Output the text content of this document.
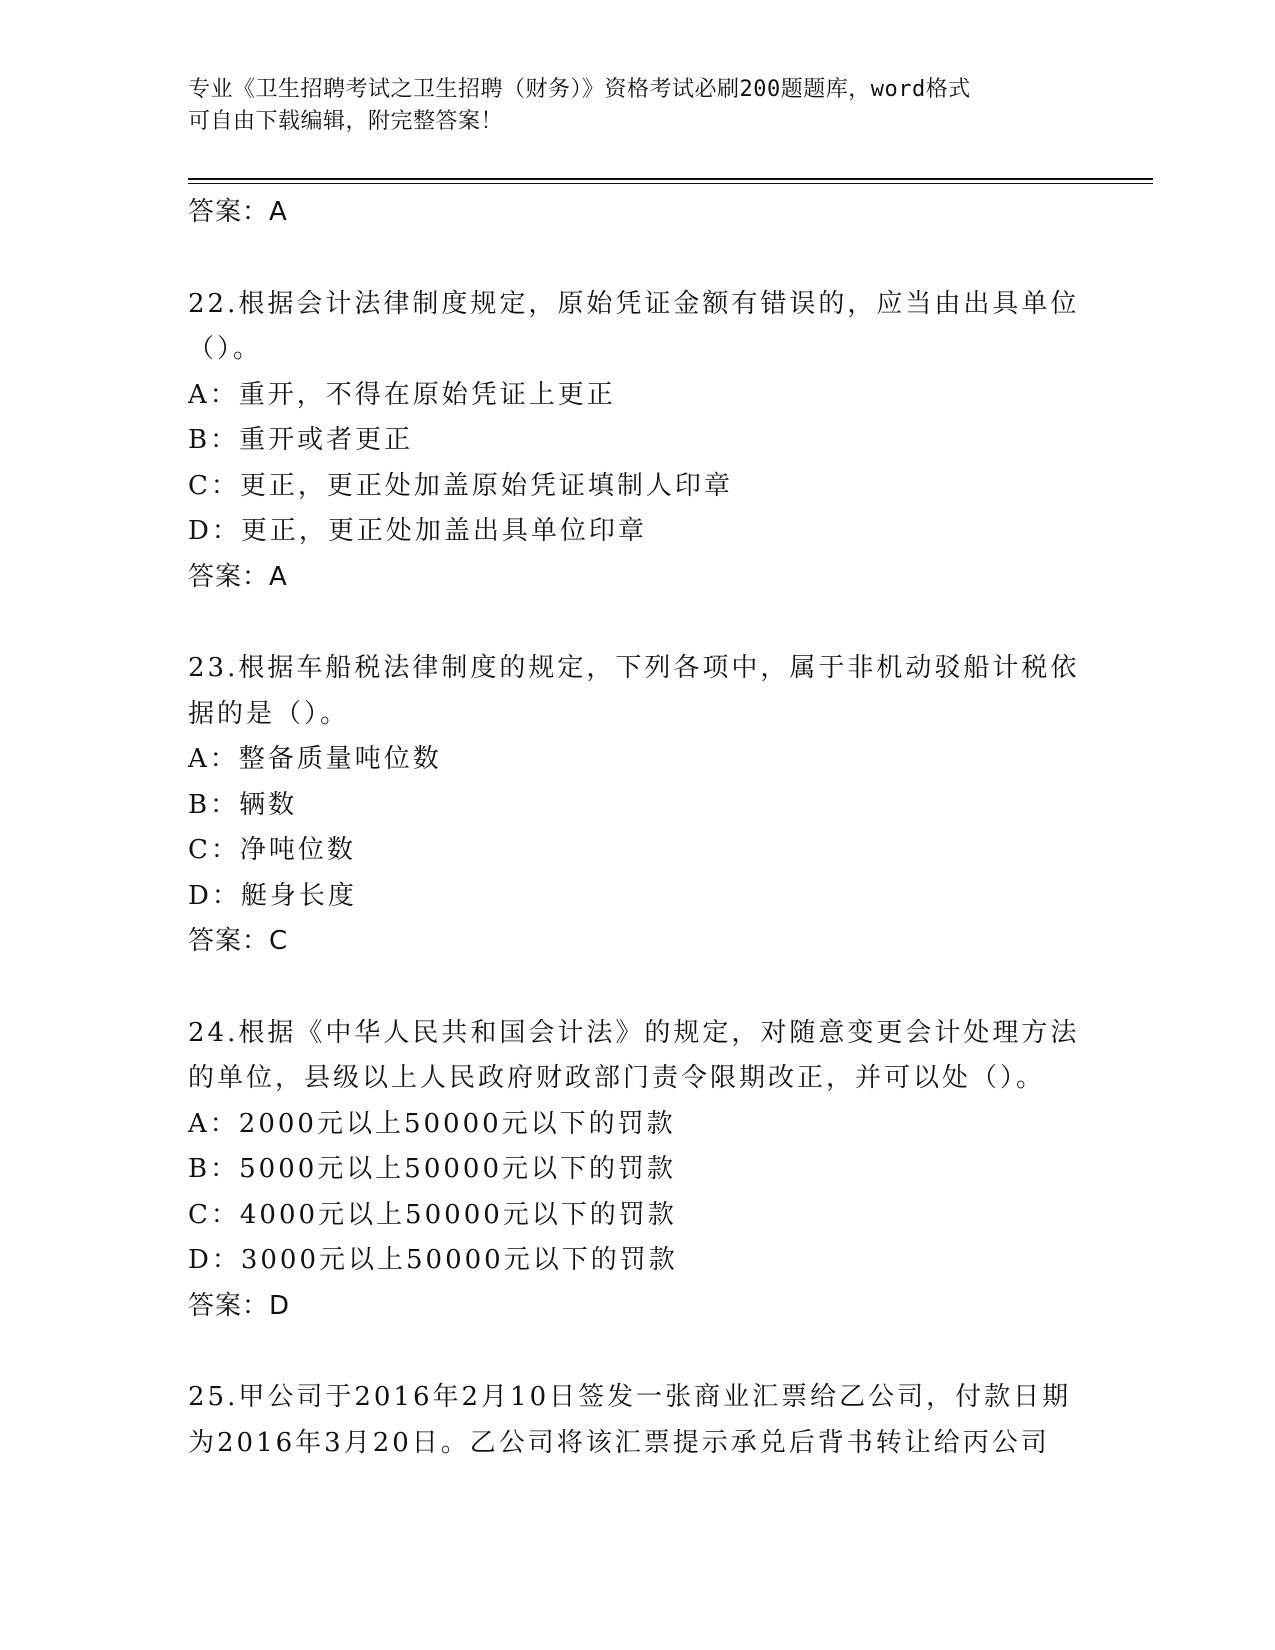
专业《卫生招聘考试之卫生招聘（财务）》资格考试必刷200题题库，word格式
可自由下载编辑，附完整答案！
答案：A
22.根据会计法律制度规定，原始凭证金额有错误的，应当由出具单位
（）。
A：重开，不得在原始凭证上更正
B：重开或者更正
C：更正，更正处加盖原始凭证填制人印章
D：更正，更正处加盖出具单位印章
答案：A
23.根据车船税法律制度的规定，下列各项中，属于非机动驳船计税依
据的是（）。
A：整备质量吨位数
B：辆数
C：净吨位数
D：艇身长度
答案：C
24.根据《中华人民共和国会计法》的规定，对随意变更会计处理方法
的单位，县级以上人民政府财政部门责令限期改正，并可以处（）。
A：2000元以上50000元以下的罚款
B：5000元以上50000元以下的罚款
C：4000元以上50000元以下的罚款
D：3000元以上50000元以下的罚款
答案：D
25.甲公司于2016年2月10日签发一张商业汇票给乙公司，付款日期
为2016年3月20日。乙公司将该汇票提示承兑后背书转让给丙公司
